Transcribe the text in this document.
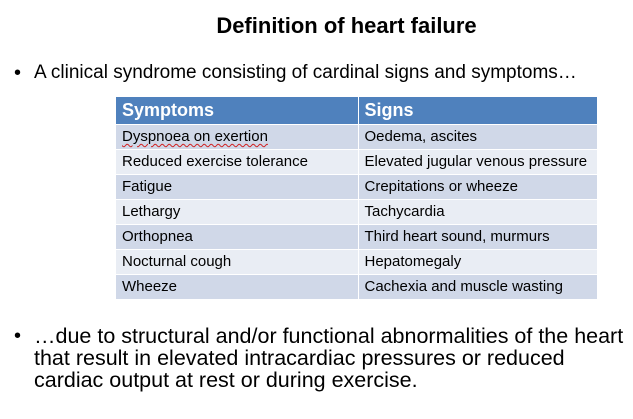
Definition of heart failure
• A clinical syndrome consisting of cardinal signs and symptoms…
Symptoms	Signs
Dyspnoea on exertion	Oedema, ascites
Reduced exercise tolerance	Elevated jugular venous pressure
Fatigue	Crepitations or wheeze
Lethargy	Tachycardia
Orthopnea	Third heart sound, murmurs
Nocturnal cough	Hepatomegaly
Wheeze	Cachexia and muscle wasting
• …due to structural and/or functional abnormalities of the heart that result in elevated intracardiac pressures or reduced cardiac output at rest or during exercise.
